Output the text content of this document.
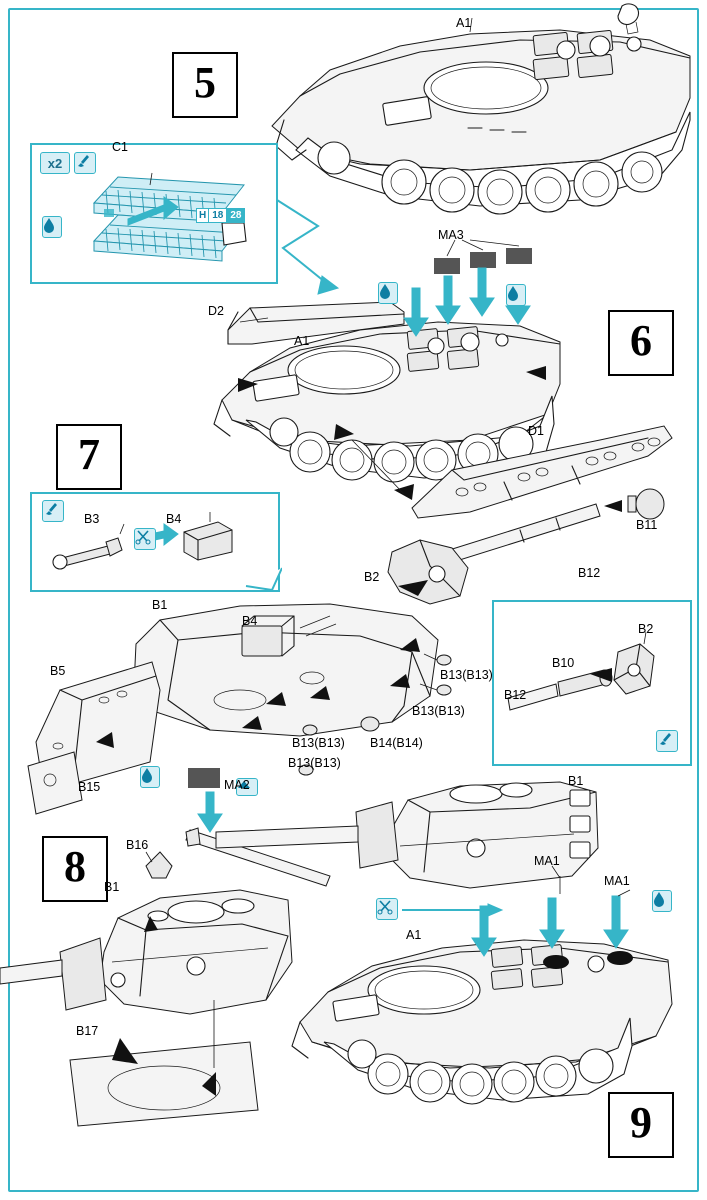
5
6
7
8
9
x2
H 18 28
C1
B3	B4
B12
B10
B2
A1
D2
A1
MA3
D1
B11
B12
B2
B1
B4
B5
B15	MA2
B13(B13)
B13(B13)
B13(B13)
B13(B13)
B14(B14)
B16
B1
B17
B1
MA1
MA1
A1
